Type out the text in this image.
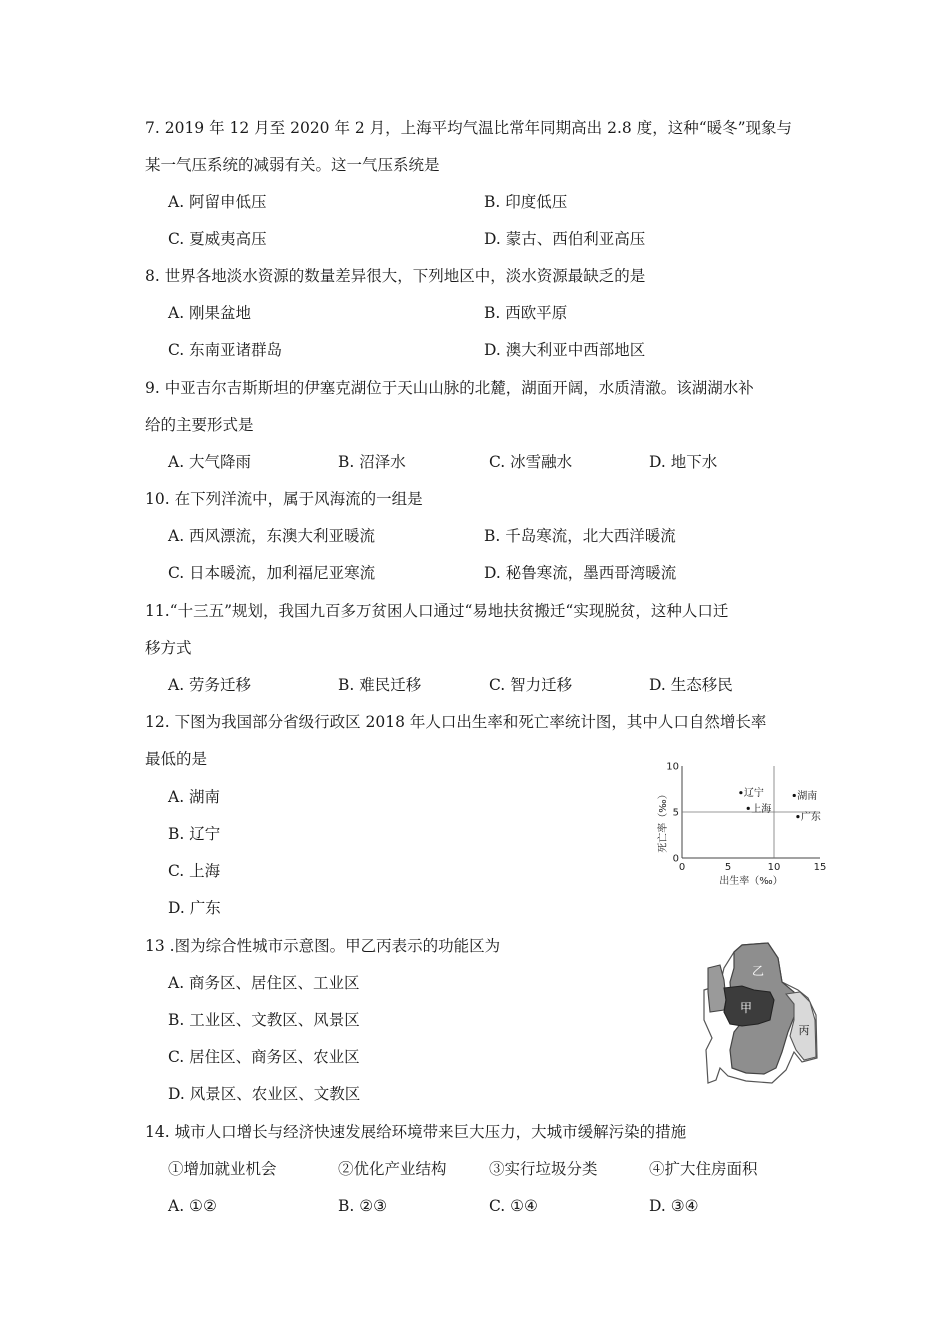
7. 2019 年 12 月至 2020 年 2 月，上海平均气温比常年同期高出 2.8 度，这种“暖冬”现象与
某一气压系统的减弱有关。这一气压系统是
A. 阿留申低压	B. 印度低压
C. 夏威夷高压	D. 蒙古、西伯利亚高压
8. 世界各地淡水资源的数量差异很大，下列地区中，淡水资源最缺乏的是
A. 刚果盆地	B. 西欧平原
C. 东南亚诸群岛	D. 澳大利亚中西部地区
9. 中亚吉尔吉斯斯坦的伊塞克湖位于天山山脉的北麓，湖面开阔，水质清澈。该湖湖水补
给的主要形式是
A. 大气降雨	B. 沼泽水	C. 冰雪融水	D. 地下水
10. 在下列洋流中，属于风海流的一组是
A. 西风漂流，东澳大利亚暖流	B. 千岛寒流，北大西洋暖流
C. 日本暖流，加利福尼亚寒流	D. 秘鲁寒流，墨西哥湾暖流
11.“十三五”规划，我国九百多万贫困人口通过“易地扶贫搬迁“实现脱贫，这种人口迁
移方式
A. 劳务迁移	B. 难民迁移	C. 智力迁移	D. 生态移民
12. 下图为我国部分省级行政区 2018 年人口出生率和死亡率统计图，其中人口自然增长率
最低的是
A. 湖南
B. 辽宁
C. 上海
D. 广东
0	5	10	15
0
5
10
辽宁
上海
湖南
广东
死亡率（‰）
出生率（‰）
13 .图为综合性城市示意图。甲乙丙表示的功能区为
A. 商务区、居住区、工业区
B. 工业区、文教区、风景区
C. 居住区、商务区、农业区
D. 风景区、农业区、文教区
乙
甲
丙
14. 城市人口增长与经济快速发展给环境带来巨大压力，大城市缓解污染的措施
①增加就业机会	②优化产业结构	③实行垃圾分类	④扩大住房面积
A. ①②	B. ②③	C. ①④	D. ③④
